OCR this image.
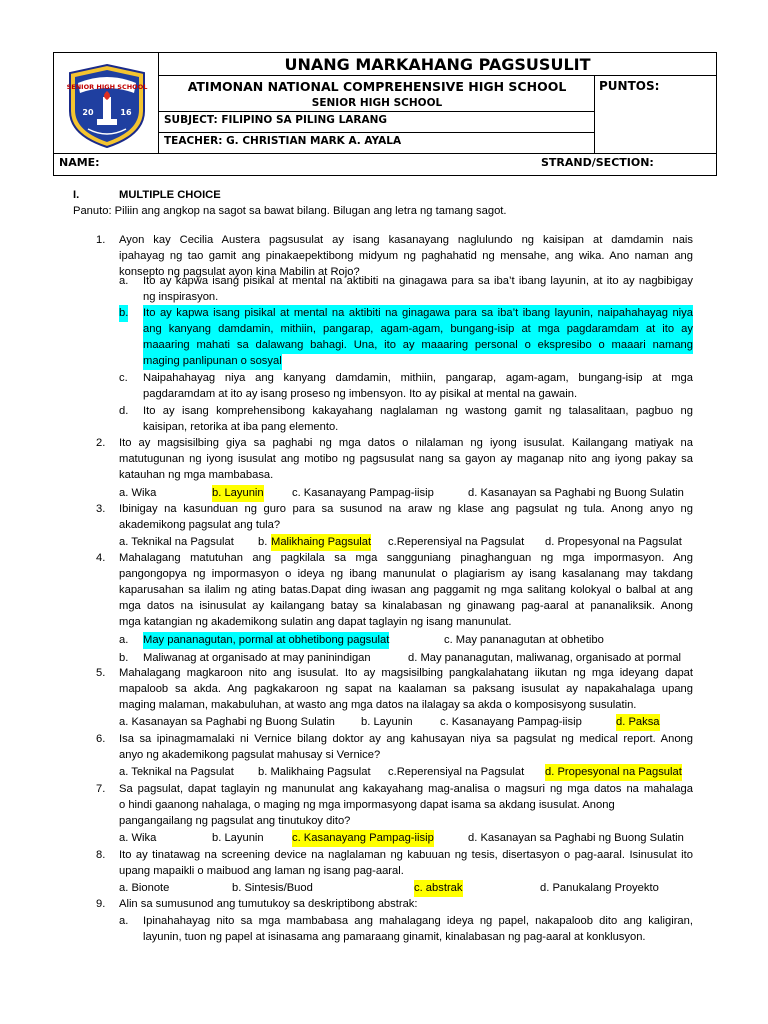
SENIOR HIGH SCHOOL
20	16
UNANG MARKAHANG PAGSUSULIT
ATIMONAN NATIONAL COMPREHENSIVE HIGH SCHOOL
SENIOR HIGH SCHOOL
PUNTOS:
SUBJECT: FILIPINO SA PILING LARANG
TEACHER: G. CHRISTIAN MARK A. AYALA
NAME:	STRAND/SECTION:
I.	MULTIPLE CHOICE
Panuto: Piliin ang angkop na sagot sa bawat bilang. Bilugan ang letra ng tamang sagot.
1. Ayon kay Cecilia Austera pagsusulat ay isang kasanayang naglulundo ng kaisipan at damdamin nais
ipahayag ng tao gamit ang pinakaepektibong midyum ng paghahatid ng mensahe, ang wika. Ano naman ang
konsepto ng pagsulat ayon kina Mabilin at Rojo?
a. Ito ay kapwa isang pisikal at mental na aktibiti na ginagawa para sa iba’t ibang layunin, at ito ay nagbibigay
ng inspirasyon.
b. Ito ay kapwa isang pisikal at mental na aktibiti na ginagawa para sa iba’t ibang layunin, naipahahayag niya
ang kanyang damdamin, mithiin, pangarap, agam-agam, bungang-isip at mga pagdaramdam at ito ay
maaaring mahati sa dalawang bahagi. Una, ito ay maaaring personal o ekspresibo o maaari namang
maging panlipunan o sosyal
c. Naipahahayag niya ang kanyang damdamin, mithiin, pangarap, agam-agam, bungang-isip at mga
pagdaramdam at ito ay isang proseso ng imbensyon. Ito ay pisikal at mental na gawain.
d. Ito ay isang komprehensibong kakayahang naglalaman ng wastong gamit ng talasalitaan, pagbuo ng
kaisipan, retorika at iba pang elemento.
2. Ito ay magsisilbing giya sa paghabi ng mga datos o nilalaman ng iyong isusulat. Kailangang matiyak na
matutugunan ng iyong isusulat ang motibo ng pagsusulat nang sa gayon ay maganap nito ang iyong pakay sa
katauhan ng mga mambabasa.
a. Wika	b. Layunin	c. Kasanayang Pampag-iisip	d. Kasanayan sa Paghabi ng Buong Sulatin
3. Ibinigay na kasunduan ng guro para sa susunod na araw ng klase ang pagsulat ng tula. Anong anyo ng
akademikong pagsulat ang tula?
a. Teknikal na Pagsulat b. Malikhaing Pagsulat c.Reperensiyal na Pagsulat d. Propesyonal na Pagsulat
4. Mahalagang matutuhan ang pagkilala sa mga sangguniang pinaghanguan ng mga impormasyon. Ang
pangongopya ng impormasyon o ideya ng ibang manunulat o plagiarism ay isang kasalanang may takdang
kaparusahan sa ilalim ng ating batas.Dapat ding iwasan ang paggamit ng mga salitang kolokyal o balbal at ang
mga datos na isinusulat ay kailangang batay sa kinalabasan ng ginawang pag-aaral at pananaliksik. Anong
mga katangian ng akademikong sulatin ang dapat taglayin ng isang manunulat.
a. May pananagutan, pormal at obhetibong pagsulat	c. May pananagutan at obhetibo
b. Maliwanag at organisado at may paninindigan	d. May pananagutan, maliwanag, organisado at pormal
5. Mahalagang magkaroon nito ang isusulat. Ito ay magsisilbing pangkalahatang iikutan ng mga ideyang dapat
mapaloob sa akda. Ang pagkakaroon ng sapat na kaalaman sa paksang isusulat ay napakahalaga upang
maging malaman, makabuluhan, at wasto ang mga datos na ilalagay sa akda o komposisyong susulatin.
a. Kasanayan sa Paghabi ng Buong Sulatin b. Layunin c. Kasanayang Pampag-iisip	d. Paksa
6. Isa sa ipinagmamalaki ni Vernice bilang doktor ay ang kahusayan niya sa pagsulat ng medical report. Anong
anyo ng akademikong pagsulat mahusay si Vernice?
a. Teknikal na Pagsulat b. Malikhaing Pagsulat c.Reperensiyal na Pagsulat d. Propesyonal na Pagsulat
7. Sa pagsulat, dapat taglayin ng manunulat ang kakayahang mag-analisa o magsuri ng mga datos na mahalaga
o hindi gaanong nahalaga, o maging ng mga impormasyong dapat isama sa akdang isusulat. Anong
pangangailang ng pagsulat ang tinutukoy dito?
a. Wika	b. Layunin	c. Kasanayang Pampag-iisip	d. Kasanayan sa Paghabi ng Buong Sulatin
8. Ito ay tinatawag na screening device na naglalaman ng kabuuan ng tesis, disertasyon o pag-aaral. Isinusulat ito
upang mapaikli o maibuod ang laman ng isang pag-aaral.
a. Bionote	b. Sintesis/Buod	c. abstrak	d. Panukalang Proyekto
9. Alin sa sumusunod ang tumutukoy sa deskriptibong abstrak:
a. Ipinahahayag nito sa mga mambabasa ang mahalagang ideya ng papel, nakapaloob dito ang kaligiran,
layunin, tuon ng papel at isinasama ang pamaraang ginamit, kinalabasan ng pag-aaral at konklusyon.
